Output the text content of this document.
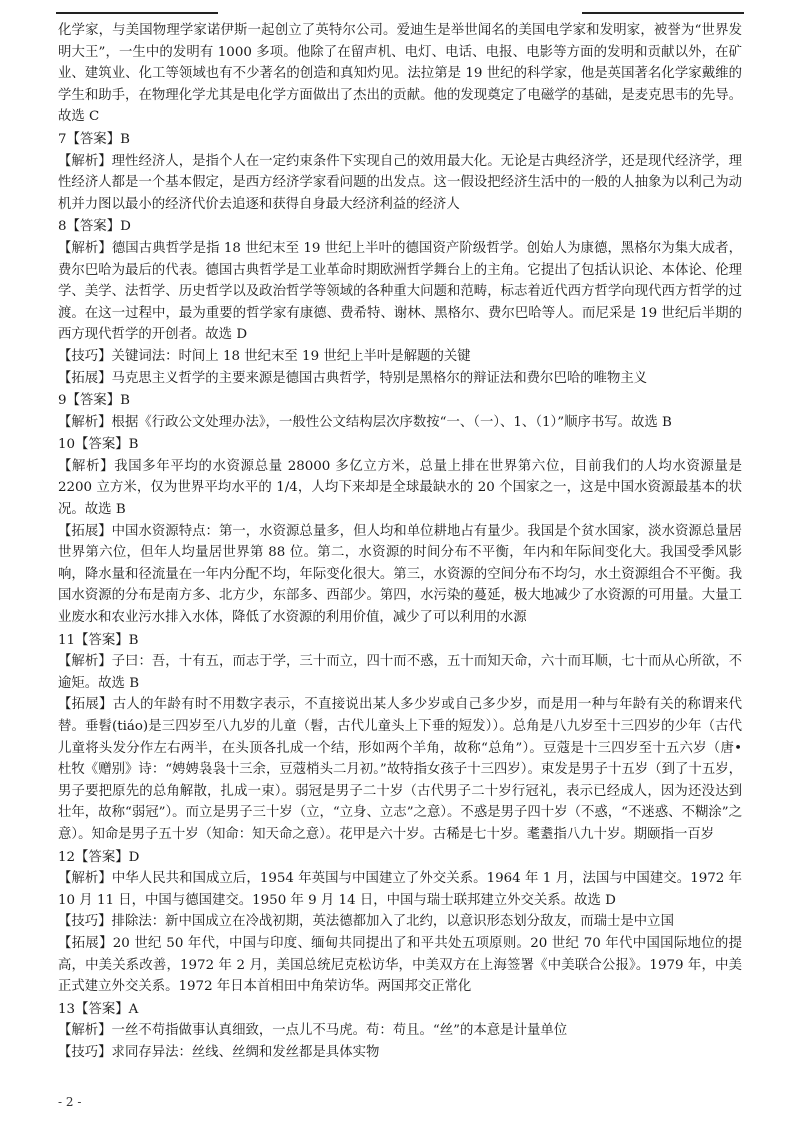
化学家，与美国物理学家诺伊斯一起创立了英特尔公司。爱迪生是举世闻名的美国电学家和发明家，被誉为“世界发明大王”，一生中的发明有 1000 多项。他除了在留声机、电灯、电话、电报、电影等方面的发明和贡献以外，在矿业、建筑业、化工等领域也有不少著名的创造和真知灼见。法拉第是 19 世纪的科学家，他是英国著名化学家戴维的学生和助手，在物理化学尤其是电化学方面做出了杰出的贡献。他的发现奠定了电磁学的基础，是麦克思韦的先导。故选 C

7【答案】B

【解析】理性经济人，是指个人在一定约束条件下实现自己的效用最大化。无论是古典经济学，还是现代经济学，理性经济人都是一个基本假定，是西方经济学家看问题的出发点。这一假设把经济生活中的一般的人抽象为以利己为动机并力图以最小的经济代价去追逐和获得自身最大经济利益的经济人

8【答案】D

【解析】德国古典哲学是指 18 世纪末至 19 世纪上半叶的德国资产阶级哲学。创始人为康德，黑格尔为集大成者，费尔巴哈为最后的代表。德国古典哲学是工业革命时期欧洲哲学舞台上的主角。它提出了包括认识论、本体论、伦理学、美学、法哲学、历史哲学以及政治哲学等领域的各种重大问题和范畴，标志着近代西方哲学向现代西方哲学的过渡。在这一过程中，最为重要的哲学家有康德、费希特、谢林、黑格尔、费尔巴哈等人。而尼采是 19 世纪后半期的西方现代哲学的开创者。故选 D

【技巧】关键词法：时间上 18 世纪末至 19 世纪上半叶是解题的关键

【拓展】马克思主义哲学的主要来源是德国古典哲学，特别是黑格尔的辩证法和费尔巴哈的唯物主义

9【答案】B

【解析】根据《行政公文处理办法》，一般性公文结构层次序数按“一、（一）、1、（1）”顺序书写。故选 B

10【答案】B

【解析】我国多年平均的水资源总量 28000 多亿立方米，总量上排在世界第六位，目前我们的人均水资源量是 2200 立方米，仅为世界平均水平的 1/4，人均下来却是全球最缺水的 20 个国家之一，这是中国水资源最基本的状况。故选 B

【拓展】中国水资源特点：第一，水资源总量多，但人均和单位耕地占有量少。我国是个贫水国家，淡水资源总量居世界第六位，但年人均量居世界第 88 位。第二，水资源的时间分布不平衡，年内和年际间变化大。我国受季风影响，降水量和径流量在一年内分配不均，年际变化很大。第三，水资源的空间分布不均匀，水土资源组合不平衡。我国水资源的分布是南方多、北方少，东部多、西部少。第四，水污染的蔓延，极大地减少了水资源的可用量。大量工业废水和农业污水排入水体，降低了水资源的利用价值，减少了可以利用的水源

11【答案】B

【解析】子曰：吾，十有五，而志于学，三十而立，四十而不惑，五十而知天命，六十而耳顺，七十而从心所欲，不逾矩。故选 B

【拓展】古人的年龄有时不用数字表示，不直接说出某人多少岁或自己多少岁，而是用一种与年龄有关的称谓来代替。垂髫(tiáo)是三四岁至八九岁的儿童（髫，古代儿童头上下垂的短发））。总角是八九岁至十三四岁的少年（古代儿童将头发分作左右两半，在头顶各扎成一个结，形如两个羊角，故称“总角”）。豆蔻是十三四岁至十五六岁（唐•杜牧《赠别》诗：“娉娉袅袅十三余，豆蔻梢头二月初。”故特指女孩子十三四岁）。束发是男子十五岁（到了十五岁，男子要把原先的总角解散，扎成一束）。弱冠是男子二十岁（古代男子二十岁行冠礼，表示已经成人，因为还没达到壮年，故称“弱冠”）。而立是男子三十岁（立，“立身、立志”之意）。不惑是男子四十岁（不惑，“不迷惑、不糊涂”之意）。知命是男子五十岁（知命：知天命之意）。花甲是六十岁。古稀是七十岁。耄耋指八九十岁。期颐指一百岁

12【答案】D

【解析】中华人民共和国成立后，1954 年英国与中国建立了外交关系。1964 年 1 月，法国与中国建交。1972 年 10 月 11 日，中国与德国建交。1950 年 9 月 14 日，中国与瑞士联邦建立外交关系。故选 D

【技巧】排除法：新中国成立在冷战初期，英法德都加入了北约，以意识形态划分敌友，而瑞士是中立国

【拓展】20 世纪 50 年代，中国与印度、缅甸共同提出了和平共处五项原则。20 世纪 70 年代中国国际地位的提高，中美关系改善，1972 年 2 月，美国总统尼克松访华，中美双方在上海签署《中美联合公报》。1979 年，中美正式建立外交关系。1972 年日本首相田中角荣访华。两国邦交正常化

13【答案】A

【解析】一丝不苟指做事认真细致，一点儿不马虎。苟：苟且。“丝”的本意是计量单位

【技巧】求同存异法：丝线、丝绸和发丝都是具体实物

- 2 -
